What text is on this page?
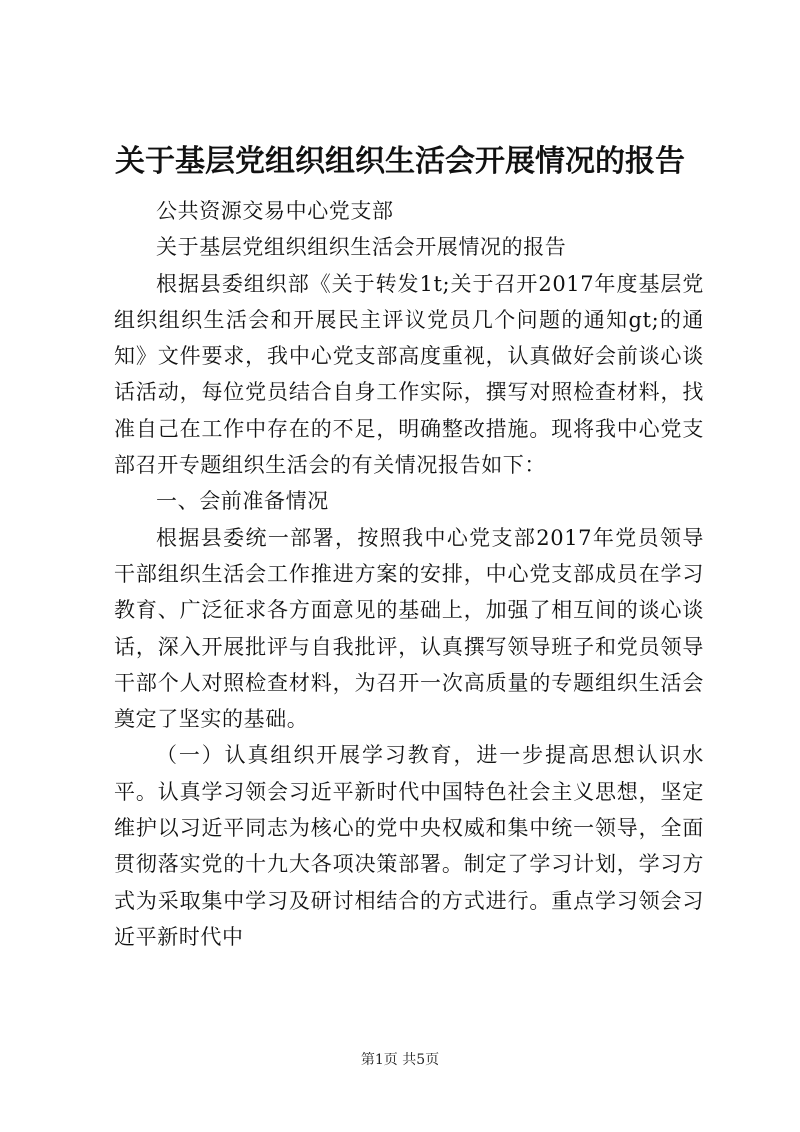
关于基层党组织组织生活会开展情况的报告

公共资源交易中心党支部

关于基层党组织组织生活会开展情况的报告

根据县委组织部《关于转发1t;关于召开2017年度基层党组织组织生活会和开展民主评议党员几个问题的通知gt;的通知》文件要求，我中心党支部高度重视，认真做好会前谈心谈话活动，每位党员结合自身工作实际，撰写对照检查材料，找准自己在工作中存在的不足，明确整改措施。现将我中心党支部召开专题组织生活会的有关情况报告如下：

一、会前准备情况

根据县委统一部署，按照我中心党支部2017年党员领导干部组织生活会工作推进方案的安排，中心党支部成员在学习教育、广泛征求各方面意见的基础上，加强了相互间的谈心谈话，深入开展批评与自我批评，认真撰写领导班子和党员领导干部个人对照检查材料，为召开一次高质量的专题组织生活会奠定了坚实的基础。

（一）认真组织开展学习教育，进一步提高思想认识水平。认真学习领会习近平新时代中国特色社会主义思想，坚定维护以习近平同志为核心的党中央权威和集中统一领导，全面贯彻落实党的十九大各项决策部署。制定了学习计划，学习方式为采取集中学习及研讨相结合的方式进行。重点学习领会习近平新时代中

第1页 共5页
